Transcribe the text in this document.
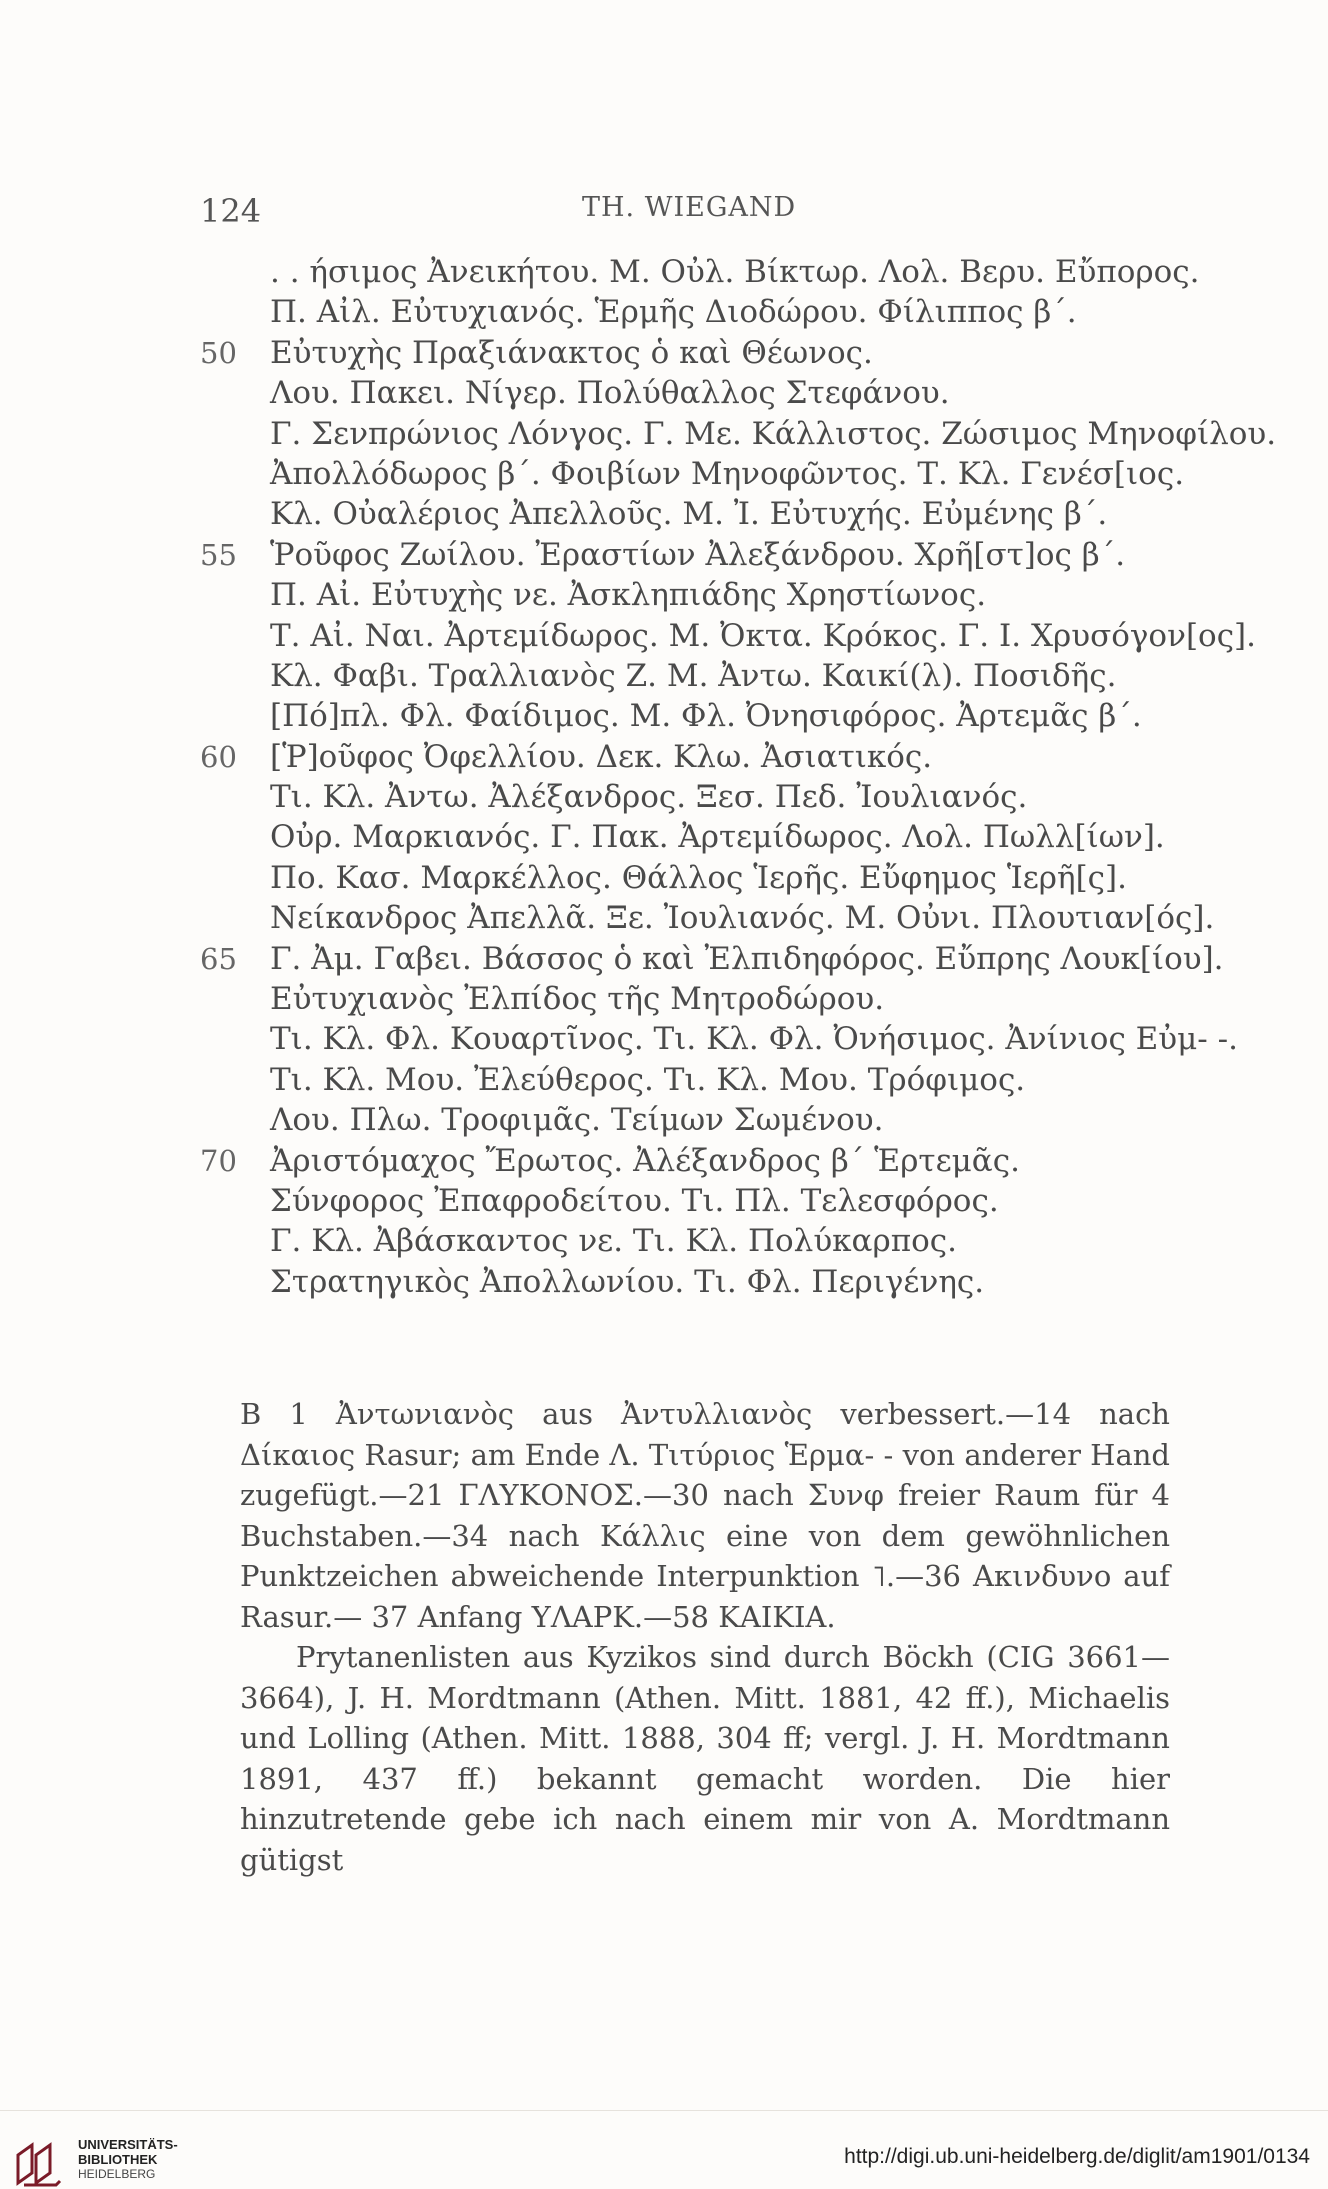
124	TH. WIEGAND
. . ήσιμος Ἀνεικήτου. Μ. Οὐλ. Βίκτωρ. Λολ. Βερυ. Εὔπορος.
Π. Αἰλ. Εὐτυχιανός. Ἑρμῆς Διοδώρου. Φίλιππος β΄.
50	Εὐτυχὴς Πραξιάνακτος ὁ καὶ Θέωνος.
Λου. Πακει. Νίγερ. Πολύθαλλος Στεφάνου.
Γ. Σενπρώνιος Λόνγος. Γ. Με. Κάλλιστος. Ζώσιμος Μηνοφίλου.
Ἀπολλόδωρος β΄. Φοιβίων Μηνοφῶντος. Τ. Κλ. Γενέσ[ιος.
Κλ. Οὐαλέριος Ἀπελλοῦς. Μ. Ἰ. Εὐτυχής. Εὐμένης β΄.
55	Ῥοῦφος Ζωίλου. Ἐραστίων Ἀλεξάνδρου. Χρῆ[στ]ος β΄.
Π. Αἰ. Εὐτυχὴς νε. Ἀσκληπιάδης Χρηστίωνος.
Τ. Αἰ. Ναι. Ἀρτεμίδωρος. Μ. Ὀκτα. Κρόκος. Γ. Ι. Χρυσόγον[ος].
Κλ. Φαβι. Τραλλιανὸς Ζ. Μ. Ἀντω. Καικί(λ). Ποσιδῆς.
[Πό]πλ. Φλ. Φαίδιμος. Μ. Φλ. Ὀνησιφόρος. Ἀρτεμᾶς β΄.
60	[Ῥ]οῦφος Ὀφελλίου. Δεκ. Κλω. Ἀσιατικός.
Τι. Κλ. Ἀντω. Ἀλέξανδρος. Ξεσ. Πεδ. Ἰουλιανός.
Οὐρ. Μαρκιανός. Γ. Πακ. Ἀρτεμίδωρος. Λολ. Πωλλ[ίων].
Πο. Κασ. Μαρκέλλος. Θάλλος Ἱερῆς. Εὔφημος Ἱερῆ[ς].
Νείκανδρος Ἀπελλᾶ. Ξε. Ἰουλιανός. Μ. Οὐνι. Πλουτιαν[ός].
65	Γ. Ἀμ. Γαβει. Βάσσος ὁ καὶ Ἐλπιδηφόρος. Εὔπρης Λουκ[ίου].
Εὐτυχιανὸς Ἐλπίδος τῆς Μητροδώρου.
Τι. Κλ. Φλ. Κουαρτῖνος. Τι. Κλ. Φλ. Ὀνήσιμος. Ἀνίνιος Εὐμ- -.
Τι. Κλ. Μου. Ἐλεύθερος. Τι. Κλ. Μου. Τρόφιμος.
Λου. Πλω. Τροφιμᾶς. Τείμων Σωμένου.
70	Ἀριστόμαχος Ἔρωτος. Ἀλέξανδρος β΄ Ἑρτεμᾶς.
Σύνφορος Ἐπαφροδείτου. Τι. Πλ. Τελεσφόρος.
Γ. Κλ. Ἀβάσκαντος νε. Τι. Κλ. Πολύκαρπος.
Στρατηγικὸς Ἀπολλωνίου. Τι. Φλ. Περιγένης.

B 1 Ἀντωνιανὸς aus Ἀντυλλιανὸς verbessert.—14 nach Δίκαιος Rasur; am Ende Λ. Τιτύριος Ἑρμα- - von anderer Hand zugefügt.—21 ΓΛΥΚΟΝΟΣ.—30 nach Συνφ freier Raum für 4 Buchstaben.—34 nach Κάλλις eine von dem gewöhnlichen Punktzeichen abweichende Interpunktion ˥.—36 Ακινδυνο auf Rasur.— 37 Anfang ΥΛΑΡΚ.—58 ΚΑΙΚΙΑ.

Prytanenlisten aus Kyzikos sind durch Böckh (CIG 3661—3664), J. H. Mordtmann (Athen. Mitt. 1881, 42 ff.), Michaelis und Lolling (Athen. Mitt. 1888, 304 ff; vergl. J. H. Mordtmann 1891, 437 ff.) bekannt gemacht worden. Die hier hinzutretende gebe ich nach einem mir von A. Mordtmann gütigst

UNIVERSITÄTS-
BIBLIOTHEK
HEIDELBERG
http://digi.ub.uni-heidelberg.de/diglit/am1901/0134
